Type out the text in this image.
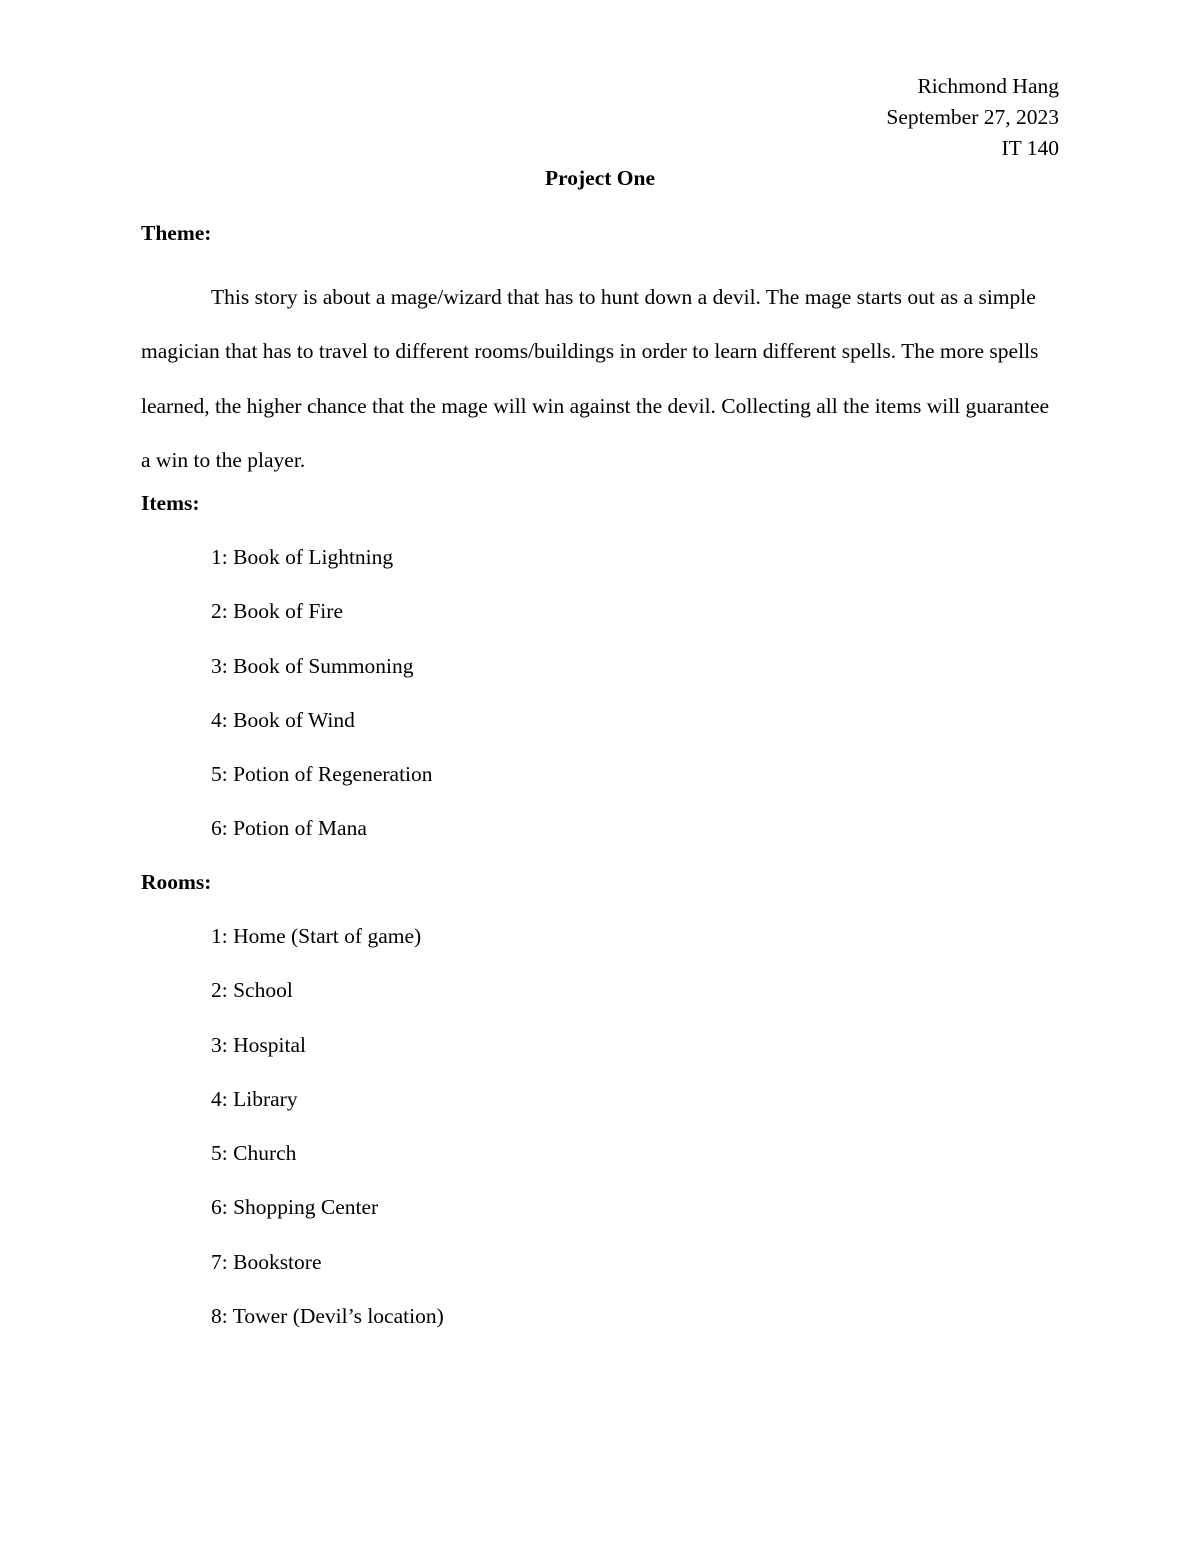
Richmond Hang
September 27, 2023
IT 140
Project One
Theme:

This story is about a mage/wizard that has to hunt down a devil. The mage starts out as a simple magician that has to travel to different rooms/buildings in order to learn different spells. The more spells learned, the higher chance that the mage will win against the devil. Collecting all the items will guarantee a win to the player.

Items:
1: Book of Lightning
2: Book of Fire
3: Book of Summoning
4: Book of Wind
5: Potion of Regeneration
6: Potion of Mana
Rooms:
1: Home (Start of game)
2: School
3: Hospital
4: Library
5: Church
6: Shopping Center
7: Bookstore
8: Tower (Devil’s location)
